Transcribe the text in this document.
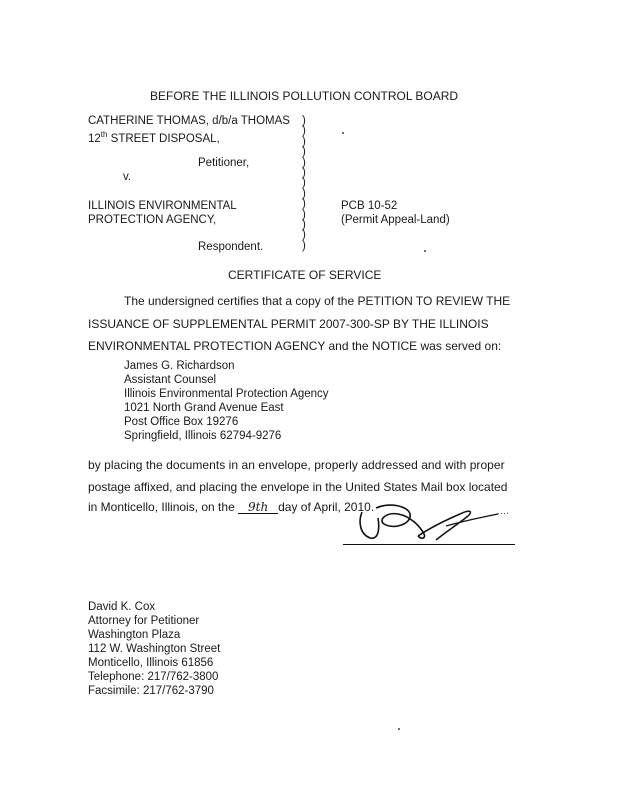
BEFORE THE ILLINOIS POLLUTION CONTROL BOARD
CATHERINE THOMAS, d/b/a THOMAS
12th STREET DISPOSAL,
Petitioner,
v.
ILLINOIS ENVIRONMENTAL
PROTECTION AGENCY,
Respondent.
)
)
)
)
)
)
)
)
)
)
)
)
)
PCB 10-52
(Permit Appeal-Land)
CERTIFICATE OF SERVICE
The undersigned certifies that a copy of the PETITION TO REVIEW THE
ISSUANCE OF SUPPLEMENTAL PERMIT 2007-300-SP BY THE ILLINOIS
ENVIRONMENTAL PROTECTION AGENCY and the NOTICE was served on:
James G. Richardson
Assistant Counsel
Illinois Environmental Protection Agency
1021 North Grand Avenue East
Post Office Box 19276
Springfield, Illinois 62794-9276
by placing the documents in an envelope, properly addressed and with proper
postage affixed, and placing the envelope in the United States Mail box located
in Monticello, Illinois, on the 9th day of April, 2010.
David K. Cox
Attorney for Petitioner
Washington Plaza
112 W. Washington Street
Monticello, Illinois 61856
Telephone: 217/762-3800
Facsimile: 217/762-3790
